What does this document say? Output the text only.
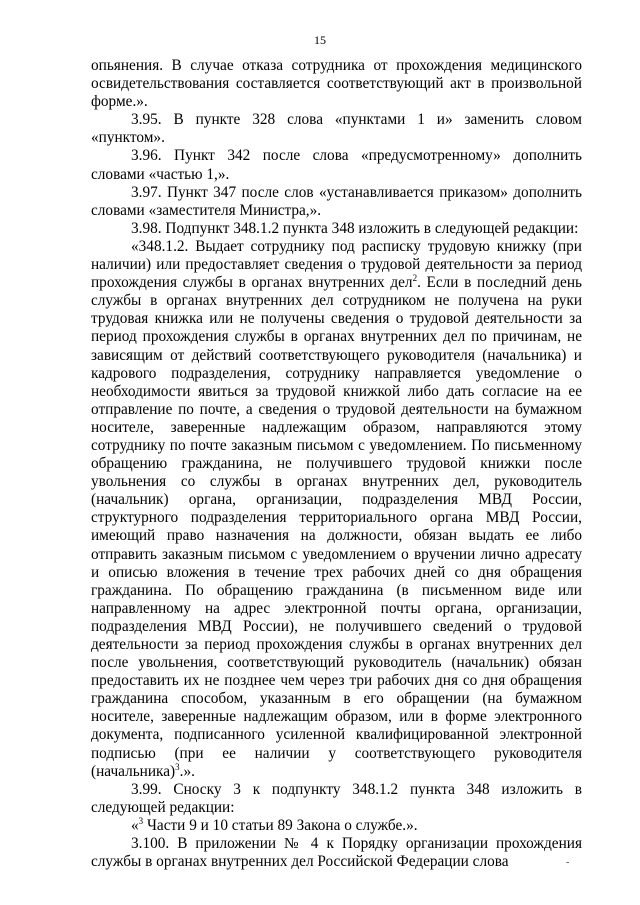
15

опьянения. В случае отказа сотрудника от прохождения медицинского освидетельствования составляется соответствующий акт в произвольной форме.».

3.95. В пункте 328 слова «пунктами 1 и» заменить словом «пунктом».

3.96. Пункт 342 после слова «предусмотренному» дополнить словами «частью 1,».

3.97. Пункт 347 после слов «устанавливается приказом» дополнить словами «заместителя Министра,».

3.98. Подпункт 348.1.2 пункта 348 изложить в следующей редакции:

«348.1.2. Выдает сотруднику под расписку трудовую книжку (при наличии) или предоставляет сведения о трудовой деятельности за период прохождения службы в органах внутренних дел$^2$. Если в последний день службы в органах внутренних дел сотрудником не получена на руки трудовая книжка или не получены сведения о трудовой деятельности за период прохождения службы в органах внутренних дел по причинам, не зависящим от действий соответствующего руководителя (начальника) и кадрового подразделения, сотруднику направляется уведомление о необходимости явиться за трудовой книжкой либо дать согласие на ее отправление по почте, а сведения о трудовой деятельности на бумажном носителе, заверенные надлежащим образом, направляются этому сотруднику по почте заказным письмом с уведомлением. По письменному обращению гражданина, не получившего трудовой книжки после увольнения со службы в органах внутренних дел, руководитель (начальник) органа, организации, подразделения МВД России, структурного подразделения территориального органа МВД России, имеющий право назначения на должности, обязан выдать ее либо отправить заказным письмом с уведомлением о вручении лично адресату и описью вложения в течение трех рабочих дней со дня обращения гражданина. По обращению гражданина (в письменном виде или направленному на адрес электронной почты органа, организации, подразделения МВД России), не получившего сведений о трудовой деятельности за период прохождения службы в органах внутренних дел после увольнения, соответствующий руководитель (начальник) обязан предоставить их не позднее чем через три рабочих дня со дня обращения гражданина способом, указанным в его обращении (на бумажном носителе, заверенные надлежащим образом, или в форме электронного документа, подписанного усиленной квалифицированной электронной подписью (при ее наличии у соответствующего руководителя (начальника)$^3$.».

3.99. Сноску 3 к подпункту 348.1.2 пункта 348 изложить в следующей редакции:

«$^3$ Части 9 и 10 статьи 89 Закона о службе.».

3.100. В приложении № 4 к Порядку организации прохождения службы в органах внутренних дел Российской Федерации слова	-
